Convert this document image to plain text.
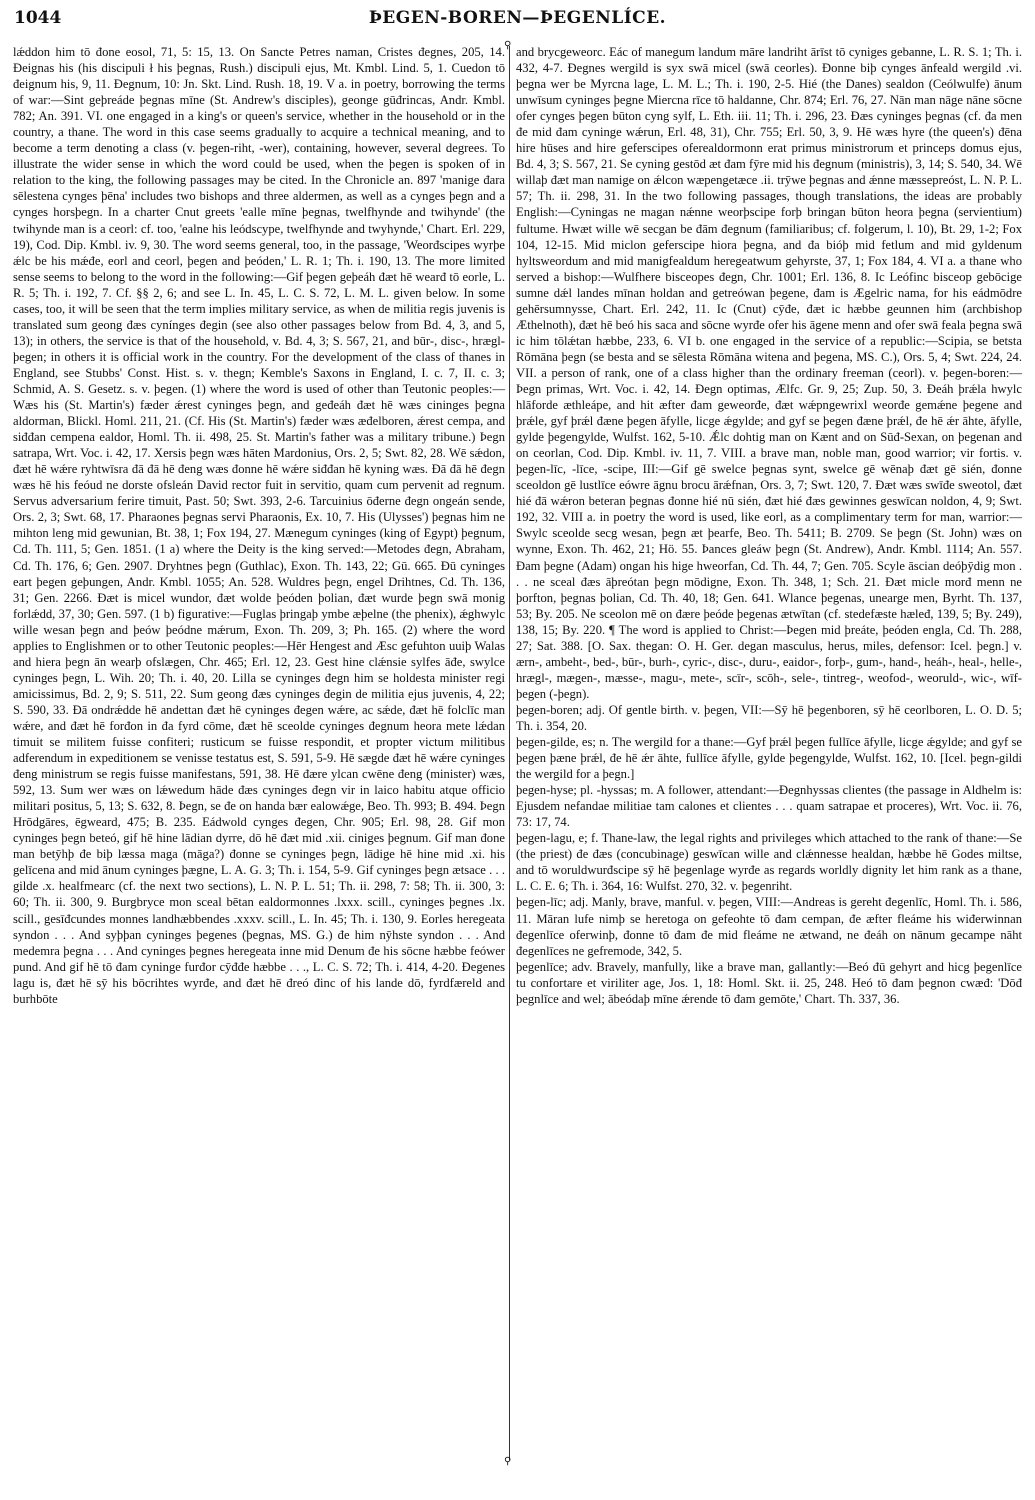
1044	ÞEGEN-BOREN—ÞEGENLÍCE.
⚲
⚲

lǽddon him tō đone eosol, 71, 5: 15, 13. On Sancte Petres naman, Cristes đegnes, 205, 14. Đeignas his (his discipuli ł his þegnas, Rush.) discipuli ejus, Mt. Kmbl. Lind. 5, 1. Cuedon tō đeignum his, 9, 11. Đegnum, 10: Jn. Skt. Lind. Rush. 18, 19. V a. in poetry, borrowing the terms of war:—Sint geþreáde þegnas mīne (St. Andrew's disciples), geonge gūđrincas, Andr. Kmbl. 782; An. 391. VI. one engaged in a king's or queen's service, whether in the household or in the country, a thane. The word in this case seems gradually to acquire a technical meaning, and to become a term denoting a class (v. þegen-riht, -wer), containing, however, several degrees. To illustrate the wider sense in which the word could be used, when the þegen is spoken of in relation to the king, the following passages may be cited. In the Chronicle an. 897 'manige đara sēlestena cynges þēna' includes two bishops and three aldermen, as well as a cynges þegn and a cynges horsþegn. In a charter Cnut greets 'ealle mīne þegnas, twelfhynde and twihynde' (the twihynde man is a ceorl: cf. too, 'ealne his leódscype, twelfhynde and twyhynde,' Chart. Erl. 229, 19), Cod. Dip. Kmbl. iv. 9, 30. The word seems general, too, in the passage, 'Weorđscipes wyrþe ǽlc be his mǽđe, eorl and ceorl, þegen and þeóden,' L. R. 1; Th. i. 190, 13. The more limited sense seems to belong to the word in the following:—Gif þegen geþeáh đæt hē wearđ tō eorle, L. R. 5; Th. i. 192, 7. Cf. §§ 2, 6; and see L. In. 45, L. C. S. 72, L. M. L. given below. In some cases, too, it will be seen that the term implies military service, as when de militia regis juvenis is translated sum geong đæs cynínges đegin (see also other passages below from Bd. 4, 3, and 5, 13); in others, the service is that of the household, v. Bd. 4, 3; S. 567, 21, and būr-, disc-, hrægl-þegen; in others it is official work in the country. For the development of the class of thanes in England, see Stubbs' Const. Hist. s. v. thegn; Kemble's Saxons in England, I. c. 7, II. c. 3; Schmid, A. S. Gesetz. s. v. þegen. (1) where the word is used of other than Teutonic peoples:—Wæs his (St. Martin's) fæder ǽrest cyninges þegn, and geđeáh đæt hē wæs cininges þegna aldorman, Blickl. Homl. 211, 21. (Cf. His (St. Martin's) fæder wæs æđelboren, ǽrest cempa, and siđđan cempena ealdor, Homl. Th. ii. 498, 25. St. Martin's father was a military tribune.) Þegn satrapa, Wrt. Voc. i. 42, 17. Xersis þegn wæs hāten Mardonius, Ors. 2, 5; Swt. 82, 28. Wē sǽdon, đæt hē wǽre ryhtwīsra đā đā hē đeng wæs đonne hē wǽre siđđan hē kyning wæs. Đā đā hē đegn wæs hē his feóud ne dorste ofsleán David rector fuit in servitio, quam cum pervenit ad regnum. Servus adversarium ferire timuit, Past. 50; Swt. 393, 2-6. Tarcuinius ōđerne đegn ongeán sende, Ors. 2, 3; Swt. 68, 17. Pharaones þegnas servi Pharaonis, Ex. 10, 7. His (Ulysses') þegnas him ne mihton leng mid gewunian, Bt. 38, 1; Fox 194, 27. Mænegum cyninges (king of Egypt) þegnum, Cd. Th. 111, 5; Gen. 1851. (1 a) where the Deity is the king served:—Metodes đegn, Abraham, Cd. Th. 176, 6; Gen. 2907. Dryhtnes þegn (Guthlac), Exon. Th. 143, 22; Gū. 665. Đū cyninges eart þegen geþungen, Andr. Kmbl. 1055; An. 528. Wuldres þegn, engel Drihtnes, Cd. Th. 136, 31; Gen. 2266. Đæt is micel wundor, đæt wolde þeóden þolian, đæt wurde þegn swā monig forlǽdd, 37, 30; Gen. 597. (1 b) figurative:—Fuglas þringaþ ymbe æþelne (the phenix), ǽghwylc wille wesan þegn and þeów þeódne mǽrum, Exon. Th. 209, 3; Ph. 165. (2) where the word applies to Englishmen or to other Teutonic peoples:—Hēr Hengest and Æsc gefuhton uuiþ Walas and hiera þegn ān wearþ ofslægen, Chr. 465; Erl. 12, 23. Gest hine clǽnsie sylfes āđe, swylce cyninges þegn, L. Wih. 20; Th. i. 40, 20. Lilla se cyninges đegn him se holdesta minister regi amicissimus, Bd. 2, 9; S. 511, 22. Sum geong đæs cyninges đegin de militia ejus juvenis, 4, 22; S. 590, 33. Đā ondrǽdde hē andettan đæt hē cyninges đegen wǽre, ac sǽde, đæt hē folclīc man wǽre, and đæt hē forđon in đa fyrd cōme, đæt hē sceolde cyninges đegnum heora mete lǽdan timuit se militem fuisse confiteri; rusticum se fuisse respondit, et propter victum militibus adferendum in expeditionem se venisse testatus est, S. 591, 5-9. Hē sægde đæt hē wǽre cyninges đeng ministrum se regis fuisse manifestans, 591, 38. Hē đære ylcan cwēne đeng (minister) wæs, 592, 13. Sum wer wæs on lǽwedum hāde đæs cyninges đegn vir in laico habitu atque officio militari positus, 5, 13; S. 632, 8. Þegn, se đe on handa bær ealowǽge, Beo. Th. 993; B. 494. Þegn Hrōdgāres, ēgweard, 475; B. 235. Eádwold cynges đegen, Chr. 905; Erl. 98, 28. Gif mon cyninges þegn beteó, gif hē hine lādian dyrre, dō hē đæt mid .xii. ciniges þegnum. Gif man đone man betȳhþ đe biþ læssa maga (māga?) đonne se cyninges þegn, lādige hē hine mid .xi. his gelīcena and mid ānum cyninges þægne, L. A. G. 3; Th. i. 154, 5-9. Gif cyninges þegn ætsace . . . gilde .x. healfmearc (cf. the next two sections), L. N. P. L. 51; Th. ii. 298, 7: 58; Th. ii. 300, 3: 60; Th. ii. 300, 9. Burgbryce mon sceal bētan ealdormonnes .lxxx. scill., cyninges þegnes .lx. scill., gesīđcundes monnes landhæbbendes .xxxv. scill., L. In. 45; Th. i. 130, 9. Eorles heregeata syndon . . . And syþþan cyninges þegenes (þegnas, MS. G.) đe him nȳhste syndon . . . And medemra þegna . . . And cyninges þegnes heregeata inne mid Denum đe his sōcne hæbbe feówer pund. And gif hē tō đam cyninge furđor cȳđđe hæbbe . . ., L. C. S. 72; Th. i. 414, 4-20. Đegenes lagu is, đæt hē sȳ his bōcrihtes wyrđe, and đæt hē đreó đinc of his lande dō, fyrdfæreld and burhbōte

and brycgeweorc. Eác of manegum landum māre landriht ārīst tō cyniges gebanne, L. R. S. 1; Th. i. 432, 4-7. Đegnes wergild is syx swā micel (swā ceorles). Đonne biþ cynges ānfeald wergild .vi. þegna wer be Myrcna lage, L. M. L.; Th. i. 190, 2-5. Hié (the Danes) sealdon (Ceólwulfe) ānum unwīsum cyninges þegne Miercna rīce tō haldanne, Chr. 874; Erl. 76, 27. Nān man nāge nāne sōcne ofer cynges þegen būton cyng sylf, L. Eth. iii. 11; Th. i. 296, 23. Đæs cyninges þegnas (cf. đa men đe mid đam cyninge wǽrun, Erl. 48, 31), Chr. 755; Erl. 50, 3, 9. Hē wæs hyre (the queen's) đēna hire hūses and hire geferscipes oferealdormonn erat primus ministrorum et princeps domus ejus, Bd. 4, 3; S. 567, 21. Se cyning gestōd æt đam fȳre mid his đegnum (ministris), 3, 14; S. 540, 34. Wē willaþ đæt man namige on ǽlcon wæpengetæce .ii. trȳwe þegnas and ǽnne mæssepreóst, L. N. P. L. 57; Th. ii. 298, 31. In the two following passages, though translations, the ideas are probably English:—Cyningas ne magan nǽnne weorþscipe forþ bringan būton heora þegna (servientium) fultume. Hwæt wille wē secgan be đām đegnum (familiaribus; cf. folgerum, l. 10), Bt. 29, 1-2; Fox 104, 12-15. Mid miclon geferscipe hiora þegna, and đa bióþ mid fetlum and mid gyldenum hyltsweordum and mid manigfealdum heregeatwum gehyrste, 37, 1; Fox 184, 4. VI a. a thane who served a bishop:—Wulfhere bisceopes đegn, Chr. 1001; Erl. 136, 8. Ic Leófinc bisceop gebōcige sumne dǽl landes mīnan holdan and getreówan þegene, đam is Ægelric nama, for his eádmōdre gehērsumnysse, Chart. Erl. 242, 11. Ic (Cnut) cȳđe, đæt ic hæbbe geunnen him (archbishop Æthelnoth), đæt hē beó his saca and sōcne wyrđe ofer his āgene menn and ofer swā feala þegna swā ic him tōlǽtan hæbbe, 233, 6. VI b. one engaged in the service of a republic:—Scipia, se betsta Rōmāna þegn (se besta and se sēlesta Rōmāna witena and þegena, MS. C.), Ors. 5, 4; Swt. 224, 24. VII. a person of rank, one of a class higher than the ordinary freeman (ceorl). v. þegen-boren:—Þegn primas, Wrt. Voc. i. 42, 14. Đegn optimas, Ælfc. Gr. 9, 25; Zup. 50, 3. Đeáh þrǽla hwylc hlāforde æthleápe, and hit æfter đam geweorđe, đæt wǽpngewrixl weorđe gemǽne þegene and þrǽle, gyf þrǽl đæne þegen āfylle, licge ǽgylde; and gyf se þegen đæne þrǽl, đe hē ǽr āhte, āfylle, gylde þegengylde, Wulfst. 162, 5-10. Ǽlc dohtig man on Kænt and on Sūđ-Sexan, on þegenan and on ceorlan, Cod. Dip. Kmbl. iv. 11, 7. VIII. a brave man, noble man, good warrior; vir fortis. v. þegen-līc, -līce, -scipe, III:—Gif gē swelce þegnas synt, swelce gē wēnaþ đæt gē sién, đonne sceoldon gē lustlīce eówre āgnu brocu ārǽfnan, Ors. 3, 7; Swt. 120, 7. Đæt wæs swīđe sweotol, đæt hié đā wǽron beteran þegnas đonne hié nū sién, đæt hié đæs gewinnes geswīcan noldon, 4, 9; Swt. 192, 32. VIII a. in poetry the word is used, like eorl, as a complimentary term for man, warrior:—Swylc sceolde secg wesan, þegn æt þearfe, Beo. Th. 5411; B. 2709. Se þegn (St. John) wæs on wynne, Exon. Th. 462, 21; Hö. 55. Þances gleáw þegn (St. Andrew), Andr. Kmbl. 1114; An. 557. Đam þegne (Adam) ongan his hige hweorfan, Cd. Th. 44, 7; Gen. 705. Scyle āscian deóþȳdig mon . . . ne sceal đæs āþreótan þegn mōdigne, Exon. Th. 348, 1; Sch. 21. Đæt micle morđ menn ne þorfton, þegnas þolian, Cd. Th. 40, 18; Gen. 641. Wlance þegenas, unearge men, Byrht. Th. 137, 53; By. 205. Ne sceolon mē on đære þeóde þegenas ætwītan (cf. stedefæste hæleđ, 139, 5; By. 249), 138, 15; By. 220. ¶ The word is applied to Christ:—Þegen mid þreáte, þeóden engla, Cd. Th. 288, 27; Sat. 388. [O. Sax. thegan: O. H. Ger. degan masculus, herus, miles, defensor: Icel. þegn.] v. ærn-, ambeht-, bed-, būr-, burh-, cyric-, disc-, duru-, eaidor-, forþ-, gum-, hand-, heáh-, heal-, helle-, hrægl-, mægen-, mæsse-, magu-, mete-, scīr-, scōh-, sele-, tintreg-, weofod-, weoruld-, wic-, wīf-þegen (-þegn).

þegen-boren; adj. Of gentle birth. v. þegen, VII:—Sȳ hē þegenboren, sȳ hē ceorlboren, L. O. D. 5; Th. i. 354, 20.

þegen-gilde, es; n. The wergild for a thane:—Gyf þrǽl þegen fullīce āfylle, licge ǽgylde; and gyf se þegen þæne þrǽl, đe hē ǽr āhte, fullīce āfylle, gylde þegengylde, Wulfst. 162, 10. [Icel. þegn-gildi the wergild for a þegn.]

þegen-hyse; pl. -hyssas; m. A follower, attendant:—Đegnhyssas clientes (the passage in Aldhelm is: Ejusdem nefandae militiae tam calones et clientes . . . quam satrapae et proceres), Wrt. Voc. ii. 76, 73: 17, 74.

þegen-lagu, e; f. Thane-law, the legal rights and privileges which attached to the rank of thane:—Se (the priest) đe đæs (concubinage) geswīcan wille and clǽnnesse healdan, hæbbe hē Godes miltse, and tō woruldwurđscipe sȳ hē þegenlage wyrđe as regards worldly dignity let him rank as a thane, L. C. E. 6; Th. i. 364, 16: Wulfst. 270, 32. v. þegenriht.

þegen-līc; adj. Manly, brave, manful. v. þegen, VIII:—Andreas is gereht đegenlīc, Homl. Th. i. 586, 11. Māran lufe nimþ se heretoga on gefeohte tō đam cempan, đe æfter fleáme his wiđerwinnan đegenlīce oferwinþ, đonne tō đam đe mid fleáme ne ætwand, ne đeáh on nānum gecampe nāht đegenlīces ne gefremode, 342, 5.

þegenlīce; adv. Bravely, manfully, like a brave man, gallantly:—Beó đū gehyrt and hicg þegenlīce tu confortare et viriliter age, Jos. 1, 18: Homl. Skt. ii. 25, 248. Heó tō đam þegnon cwæđ: 'Dōđ þegnlīce and wel; ābeódaþ mīne ǽrende tō đam gemōte,' Chart. Th. 337, 36.
